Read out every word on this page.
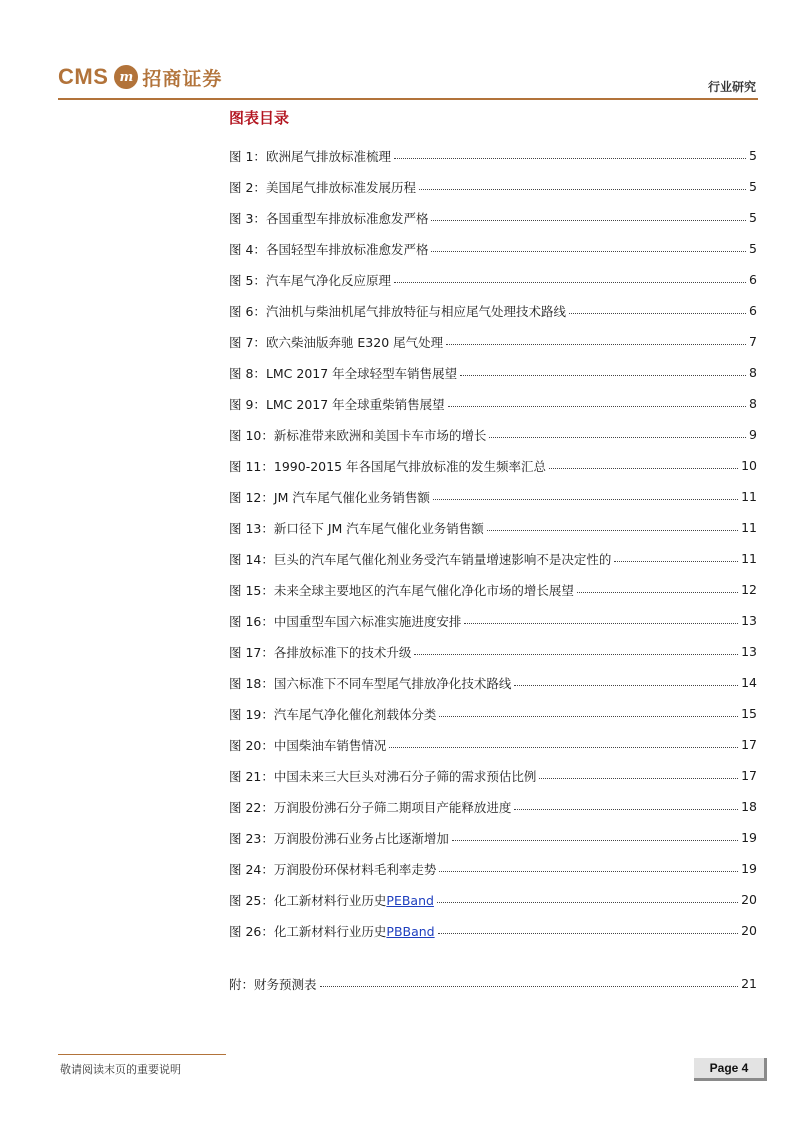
CMS m 招商证券	行业研究
图表目录
图 1：欧洲尾气排放标准梳理	5
图 2：美国尾气排放标准发展历程	5
图 3：各国重型车排放标准愈发严格	5
图 4：各国轻型车排放标准愈发严格	5
图 5：汽车尾气净化反应原理	6
图 6：汽油机与柴油机尾气排放特征与相应尾气处理技术路线	6
图 7：欧六柴油版奔驰 E320 尾气处理	7
图 8：LMC 2017 年全球轻型车销售展望	8
图 9：LMC 2017 年全球重柴销售展望	8
图 10：新标准带来欧洲和美国卡车市场的增长	9
图 11：1990-2015 年各国尾气排放标准的发生频率汇总	10
图 12：JM 汽车尾气催化业务销售额	11
图 13：新口径下 JM 汽车尾气催化业务销售额	11
图 14：巨头的汽车尾气催化剂业务受汽车销量增速影响不是决定性的	11
图 15：未来全球主要地区的汽车尾气催化净化市场的增长展望	12
图 16：中国重型车国六标准实施进度安排	13
图 17：各排放标准下的技术升级	13
图 18：国六标准下不同车型尾气排放净化技术路线	14
图 19：汽车尾气净化催化剂载体分类	15
图 20：中国柴油车销售情况	17
图 21：中国未来三大巨头对沸石分子筛的需求预估比例	17
图 22：万润股份沸石分子筛二期项目产能释放进度	18
图 23：万润股份沸石业务占比逐渐增加	19
图 24：万润股份环保材料毛利率走势	19
图 25：化工新材料行业历史PEBand	20
图 26：化工新材料行业历史PBBand	20
附：财务预测表	21
敬请阅读末页的重要说明	Page 4
